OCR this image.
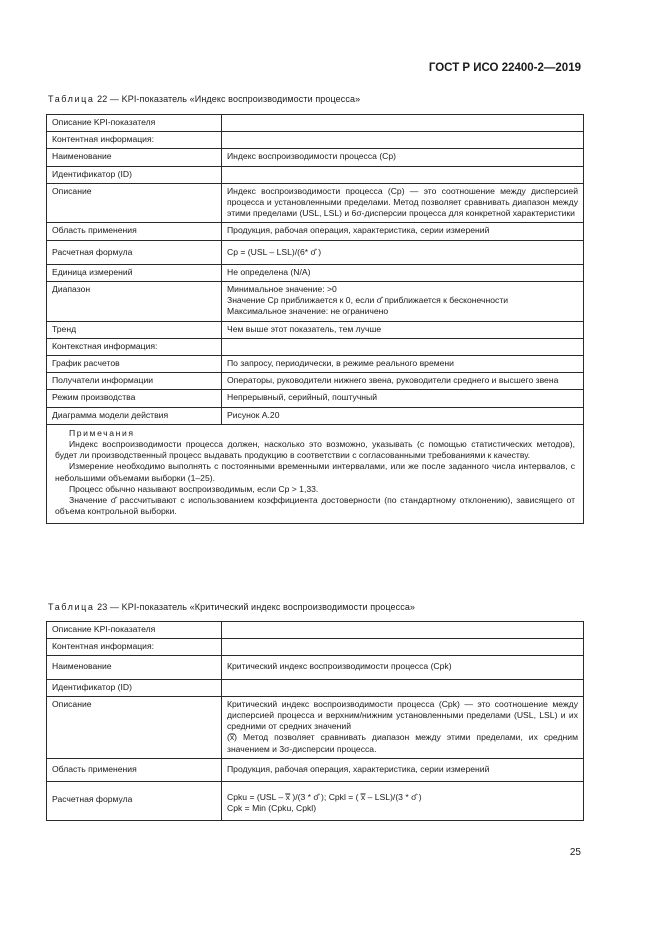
ГОСТ Р ИСО 22400-2—2019
Таблица 22 — KPI-показатель «Индекс воспроизводимости процесса»
Описание KPI-показателя	
Контентная информация:	
Наименование	Индекс воспроизводимости процесса (Cp)
Идентификатор (ID)	
Описание	Индекс воспроизводимости процесса (Cp) — это соотношение между дисперсией процесса и установленными пределами. Метод позволяет сравнивать диапазон между этими пределами (USL, LSL) и 6σ-дисперсии процесса для конкретной характеристики
Область применения	Продукция, рабочая операция, характеристика, серии измерений
Расчетная формула	Cp = (USL – LSL)/(6* σ̂ )
Единица измерений	Не определена (N/A)
Диапазон	Минимальное значение: >0
Значение Cp приближается к 0, если σ̂ приближается к бесконечности
Максимальное значение: не ограничено

Тренд	Чем выше этот показатель, тем лучше
Контекстная информация:	
График расчетов	По запросу, периодически, в режиме реального времени
Получатели информации	Операторы, руководители нижнего звена, руководители среднего и высшего звена
Режим производства	Непрерывный, серийный, поштучный
Диаграмма модели действия	Рисунок А.20

Примечания

Индекс воспроизводимости процесса должен, насколько это возможно, указывать (с помощью статистических методов), будет ли производственный процесс выдавать продукцию в соответствии с согласованными требованиями к качеству.

Измерение необходимо выполнять с постоянными временными интервалами, или же после заданного числа интервалов, с небольшими объемами выборки (1–25).

Процесс обычно называют воспроизводимым, если Cp > 1,33.

Значение σ̂ рассчитывают с использованием коэффициента достоверности (по стандартному отклонению), зависящего от объема контрольной выборки.	

Таблица 23 — KPI-показатель «Критический индекс воспроизводимости процесса»
Описание KPI-показателя	
Контентная информация:	
Наименование	Критический индекс воспроизводимости процесса (Cpk)
Идентификатор (ID)	
Описание	Критический индекс воспроизводимости процесса (Cpk) — это соотношение между дисперсией процесса и верхним/нижним установленными пределами (USL, LSL) и их средними от средних значений
(x̿) Метод позволяет сравнивать диапазон между этими пределами, их средним значением и 3σ-дисперсии процесса.

Область применения	Продукция, рабочая операция, характеристика, серии измерений
Расчетная формула	Cpku = (USL – x̿ )/(3 * σ̂ ); Cpkl = ( x̿ – LSL)/(3 * σ̂ )
Cpk = Min (Cpku, Cpkl)
25
